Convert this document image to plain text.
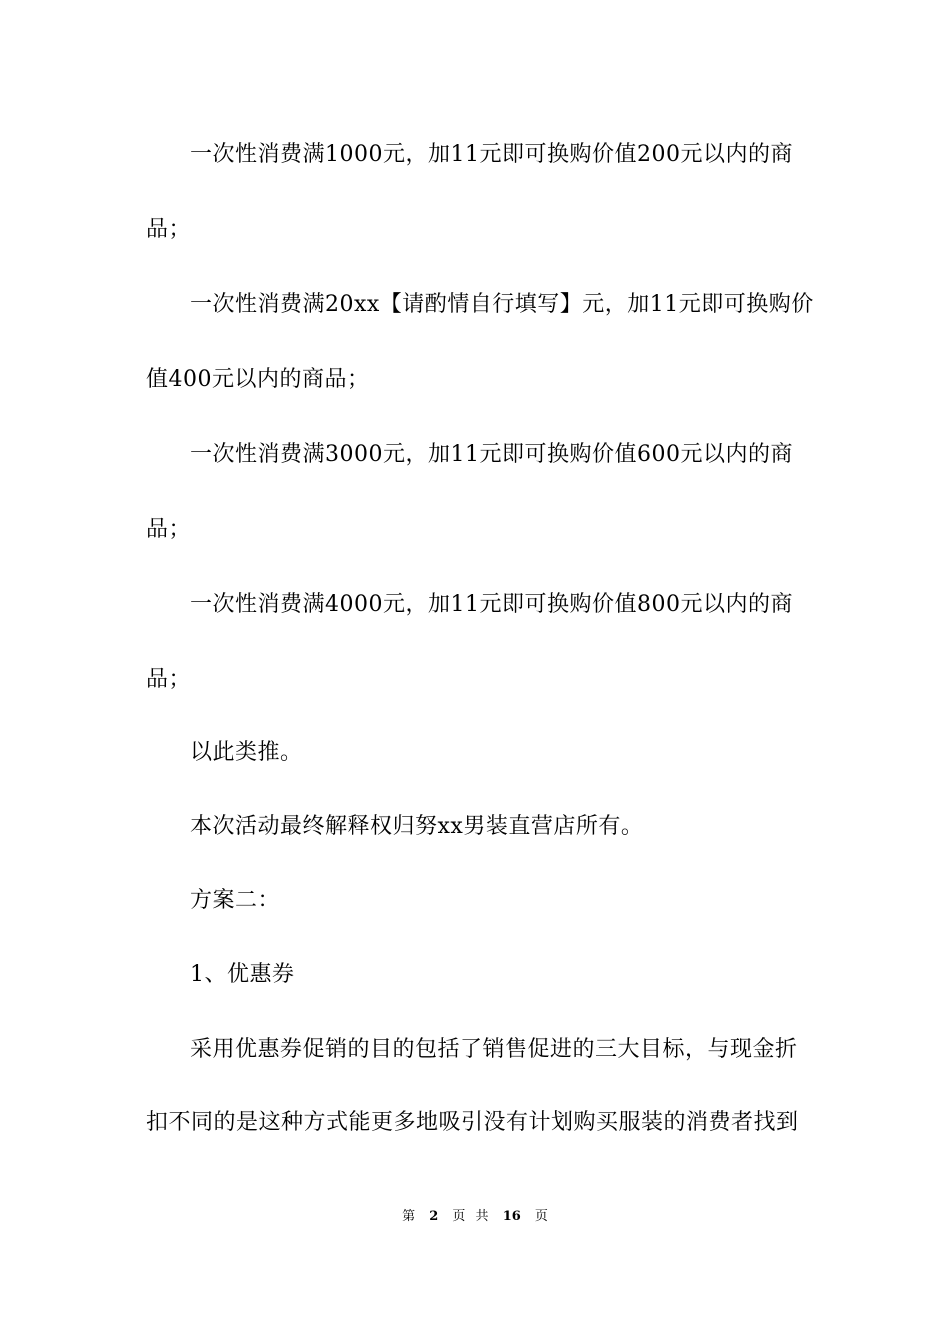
一次性消费满1000元，加11元即可换购价值200元以内的商
品；
一次性消费满20xx【请酌情自行填写】元，加11元即可换购价
值400元以内的商品；
一次性消费满3000元，加11元即可换购价值600元以内的商
品；
一次性消费满4000元，加11元即可换购价值800元以内的商
品；
以此类推。
本次活动最终解释权归努xx男装直营店所有。
方案二：
1、优惠券
采用优惠券促销的目的包括了销售促进的三大目标，与现金折
扣不同的是这种方式能更多地吸引没有计划购买服装的消费者找到
第 2 页 共 16 页
